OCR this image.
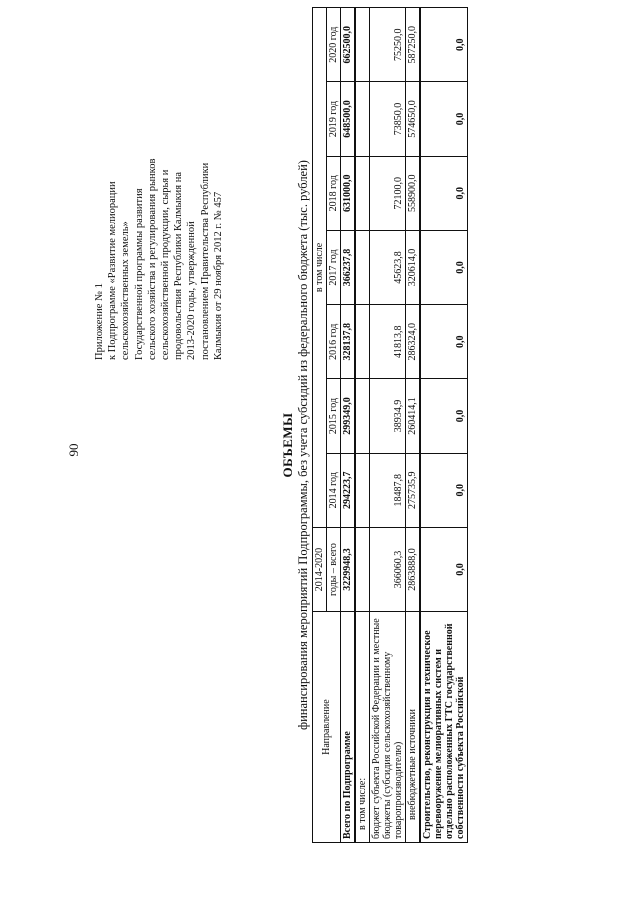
90
Приложение № 1 к Подпрограмме «Развитие мелиорации сельскохозяйственных земель» Государственной программы развития сельского хозяйства и регулирования рынков сельскохозяйственной продукции, сырья и продовольствия Республики Калмыкия на 2013-2020 годы, утвержденной постановлением Правительства Республики Калмыкия от 29 ноября 2012 г. № 457
ОБЪЕМЫ финансирования мероприятий Подпрограммы, без учета субсидий из федерального бюджета (тыс. рублей) Направление	2014-2020	в том числе						
	годы – всего	2014 год	2015 год	2016 год	2017 год	2018 год	2019 год	2020 год

Всего по Подпрограмме	3229948,3	294223,7	299349,0	328137,8	366237,8	631000,0	648500,0	662500,0
в том числе:								
бюджет субъекта Российской Федерации и местные бюджеты (субсидия сельскохозяйственному товаропроизводителю)	366060,3	18487,8	38934,9	41813,8	45623,8	72100,0	73850,0	75250,0
внебюджетные источники	2863888,0	275735,9	260414,1	286324,0	320614,0	558900,0	574650,0	587250,0
Строительство, реконструкция и техническое перевооружение мелиоративных систем и отдельно расположенных ГТС государственной собственности субъекта Российской	0,0	0,0	0,0	0,0	0,0	0,0	0,0	0,0
